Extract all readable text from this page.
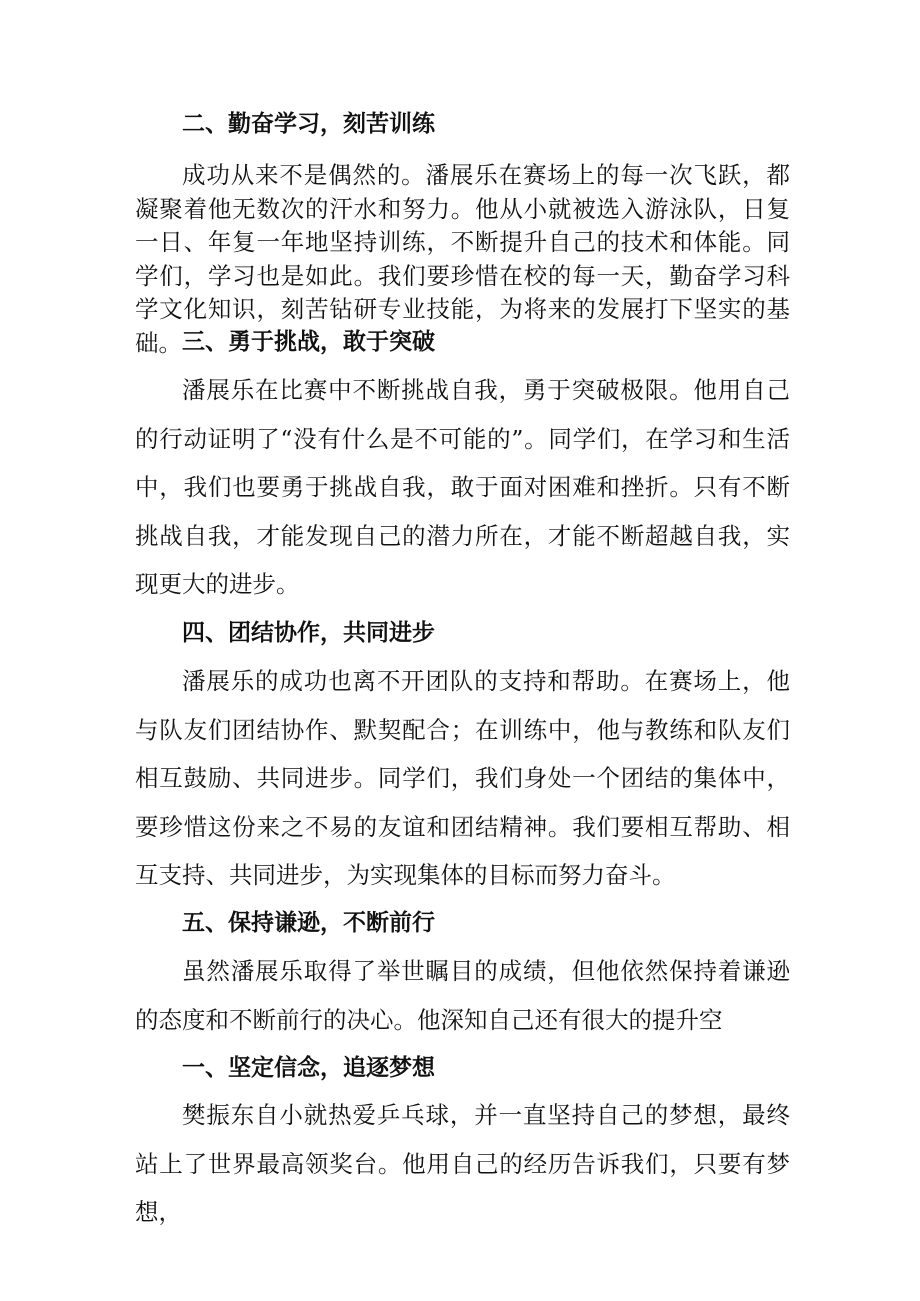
二、勤奋学习，刻苦训练

成功从来不是偶然的。潘展乐在赛场上的每一次飞跃，都凝聚着他无数次的汗水和努力。他从小就被选入游泳队，日复一日、年复一年地坚持训练，不断提升自己的技术和体能。同学们，学习也是如此。我们要珍惜在校的每一天，勤奋学习科学文化知识，刻苦钻研专业技能，为将来的发展打下坚实的基础。 三、勇于挑战，敢于突破

潘展乐在比赛中不断挑战自我，勇于突破极限。他用自己的行动证明了“没有什么是不可能的”。同学们，在学习和生活中，我们也要勇于挑战自我，敢于面对困难和挫折。只有不断挑战自我，才能发现自己的潜力所在，才能不断超越自我，实现更大的进步。

四、团结协作，共同进步

潘展乐的成功也离不开团队的支持和帮助。在赛场上，他与队友们团结协作、默契配合；在训练中，他与教练和队友们相互鼓励、共同进步。同学们，我们身处一个团结的集体中，要珍惜这份来之不易的友谊和团结精神。我们要相互帮助、相互支持、共同进步，为实现集体的目标而努力奋斗。

五、保持谦逊，不断前行

虽然潘展乐取得了举世瞩目的成绩，但他依然保持着谦逊的态度和不断前行的决心。他深知自己还有很大的提升空

一、坚定信念，追逐梦想

樊振东自小就热爱乒乓球，并一直坚持自己的梦想，最终站上了世界最高领奖台。他用自己的经历告诉我们，只要有梦想，
